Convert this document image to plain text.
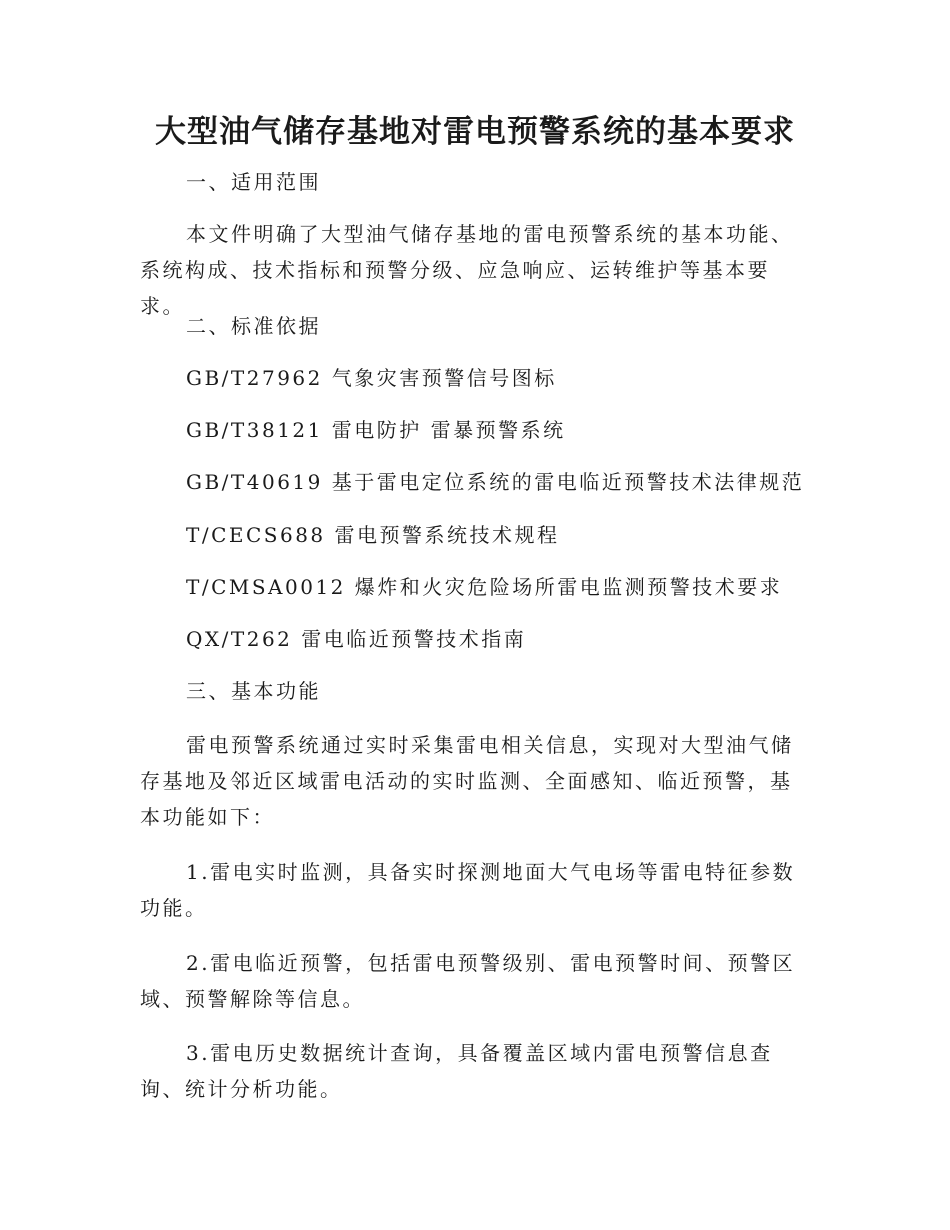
大型油气储存基地对雷电预警系统的基本要求

一、适用范围

本文件明确了大型油气储存基地的雷电预警系统的基本功能、系统构成、技术指标和预警分级、应急响应、运转维护等基本要求。

二、标准依据

GB/T27962 气象灾害预警信号图标

GB/T38121 雷电防护 雷暴预警系统

GB/T40619 基于雷电定位系统的雷电临近预警技术法律规范

T/CECS688 雷电预警系统技术规程

T/CMSA0012 爆炸和火灾危险场所雷电监测预警技术要求

QX/T262 雷电临近预警技术指南

三、基本功能

雷电预警系统通过实时采集雷电相关信息，实现对大型油气储存基地及邻近区域雷电活动的实时监测、全面感知、临近预警，基本功能如下：

1.雷电实时监测，具备实时探测地面大气电场等雷电特征参数功能。

2.雷电临近预警，包括雷电预警级别、雷电预警时间、预警区域、预警解除等信息。

3.雷电历史数据统计查询，具备覆盖区域内雷电预警信息查询、统计分析功能。
